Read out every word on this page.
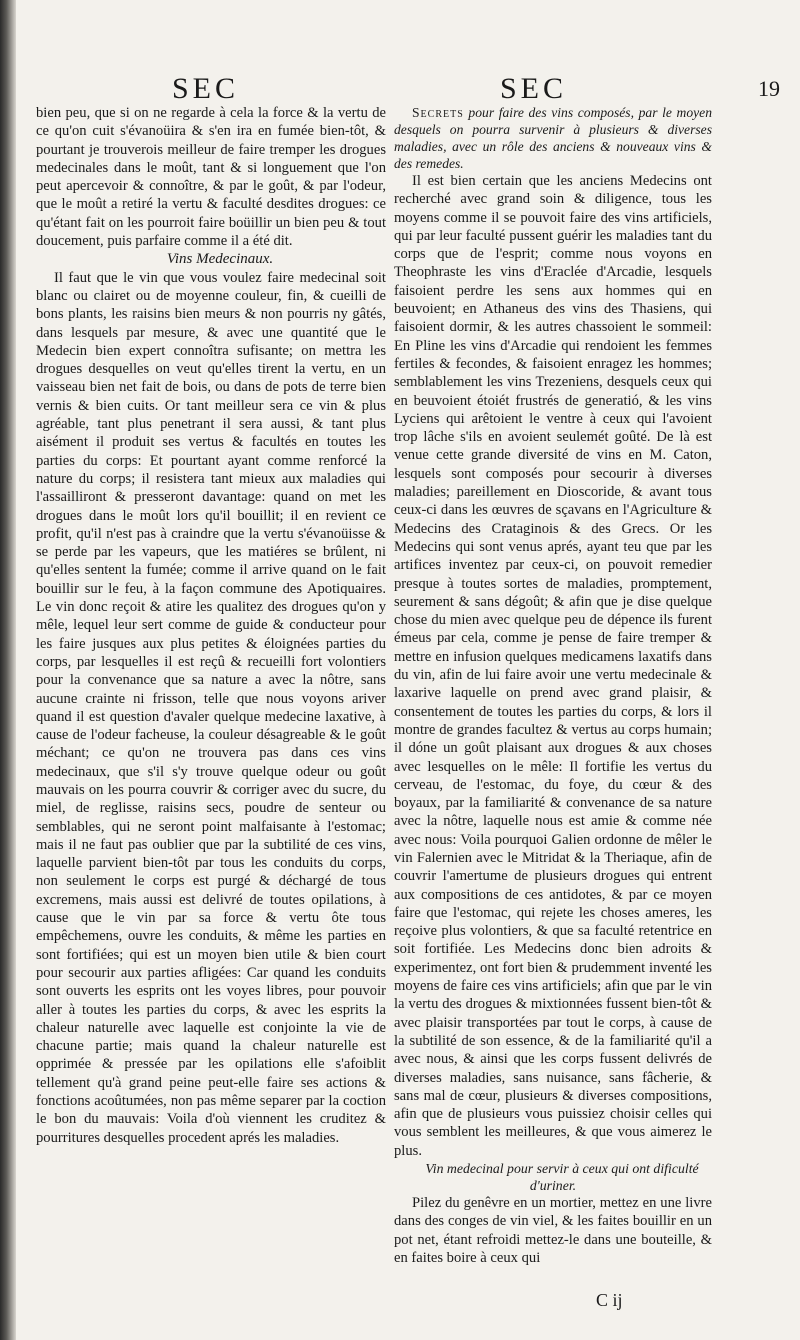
SEC	SEC	19

bien peu, que si on ne regarde à cela la force & la vertu de ce qu'on cuit s'évanoüira & s'en ira en fumée bien-tôt, & pourtant je trouverois meilleur de faire tremper les drogues medecinales dans le moût, tant & si longuement que l'on peut apercevoir & connoître, & par le goût, & par l'odeur, que le moût a retiré la vertu & faculté desdites drogues: ce qu'étant fait on les pourroit faire boüillir un bien peu & tout doucement, puis parfaire comme il a été dit.

Vins Medecinaux.

Il faut que le vin que vous voulez faire medecinal soit blanc ou clairet ou de moyenne couleur, fin, & cueilli de bons plants, les raisins bien meurs & non pourris ny gâtés, dans lesquels par mesure, & avec une quantité que le Medecin bien expert connoîtra sufisante; on mettra les drogues desquelles on veut qu'elles tirent la vertu, en un vaisseau bien net fait de bois, ou dans de pots de terre bien vernis & bien cuits. Or tant meilleur sera ce vin & plus agréable, tant plus penetrant il sera aussi, & tant plus aisément il produit ses vertus & facultés en toutes les parties du corps: Et pourtant ayant comme renforcé la nature du corps; il resistera tant mieux aux maladies qui l'assailliront & presseront davantage: quand on met les drogues dans le moût lors qu'il bouillit; il en revient ce profit, qu'il n'est pas à craindre que la vertu s'évanoüisse & se perde par les vapeurs, que les matiéres se brûlent, ni qu'elles sentent la fumée; comme il arrive quand on le fait bouillir sur le feu, à la façon commune des Apotiquaires. Le vin donc reçoit & atire les qualitez des drogues qu'on y mêle, lequel leur sert comme de guide & conducteur pour les faire jusques aux plus petites & éloignées parties du corps, par lesquelles il est reçû & recueilli fort volontiers pour la convenance que sa nature a avec la nôtre, sans aucune crainte ni frisson, telle que nous voyons ariver quand il est question d'avaler quelque medecine laxative, à cause de l'odeur facheuse, la couleur désagreable & le goût méchant; ce qu'on ne trouvera pas dans ces vins medecinaux, que s'il s'y trouve quelque odeur ou goût mauvais on les pourra couvrir & corriger avec du sucre, du miel, de reglisse, raisins secs, poudre de senteur ou semblables, qui ne seront point malfaisante à l'estomac; mais il ne faut pas oublier que par la subtilité de ces vins, laquelle parvient bien-tôt par tous les conduits du corps, non seulement le corps est purgé & déchargé de tous excremens, mais aussi est delivré de toutes opilations, à cause que le vin par sa force & vertu ôte tous empêchemens, ouvre les conduits, & même les parties en sont fortifiées; qui est un moyen bien utile & bien court pour secourir aux parties afligées: Car quand les conduits sont ouverts les esprits ont les voyes libres, pour pouvoir aller à toutes les parties du corps, & avec les esprits la chaleur naturelle avec laquelle est conjointe la vie de chacune partie; mais quand la chaleur naturelle est opprimée & pressée par les opilations elle s'afoiblit tellement qu'à grand peine peut-elle faire ses actions & fonctions acoûtumées, non pas même separer par la coction le bon du mauvais: Voila d'où viennent les cruditez & pourritures desquelles procedent aprés les maladies.

Secrets pour faire des vins composés, par le moyen desquels on pourra survenir à plusieurs & diverses maladies, avec un rôle des anciens & nouveaux vins & des remedes.

Il est bien certain que les anciens Medecins ont recherché avec grand soin & diligence, tous les moyens comme il se pouvoit faire des vins artificiels, qui par leur faculté pussent guérir les maladies tant du corps que de l'esprit; comme nous voyons en Theophraste les vins d'Eraclée d'Arcadie, lesquels faisoient perdre les sens aux hommes qui en beuvoient; en Athaneus des vins des Thasiens, qui faisoient dormir, & les autres chassoient le sommeil: En Pline les vins d'Arcadie qui rendoient les femmes fertiles & fecondes, & faisoient enragez les hommes; semblablement les vins Trezeniens, desquels ceux qui en beuvoient étoiét frustrés de generatió, & les vins Lyciens qui arêtoient le ventre à ceux qui l'avoient trop lâche s'ils en avoient seulemét goûté. De là est venue cette grande diversité de vins en M. Caton, lesquels sont composés pour secourir à diverses maladies; pareillement en Dioscoride, & avant tous ceux-ci dans les œuvres de sçavans en l'Agriculture & Medecins des Crataginois & des Grecs. Or les Medecins qui sont venus aprés, ayant teu que par les artifices inventez par ceux-ci, on pouvoit remedier presque à toutes sortes de maladies, promptement, seurement & sans dégoût; & afin que je dise quelque chose du mien avec quelque peu de dépence ils furent émeus par cela, comme je pense de faire tremper & mettre en infusion quelques medicamens laxatifs dans du vin, afin de lui faire avoir une vertu medecinale & laxarive laquelle on prend avec grand plaisir, & consentement de toutes les parties du corps, & lors il montre de grandes facultez & vertus au corps humain; il dóne un goût plaisant aux drogues & aux choses avec lesquelles on le mêle: Il fortifie les vertus du cerveau, de l'estomac, du foye, du cœur & des boyaux, par la familiarité & convenance de sa nature avec la nôtre, laquelle nous est amie & comme née avec nous: Voila pourquoi Galien ordonne de mêler le vin Falernien avec le Mitridat & la Theriaque, afin de couvrir l'amertume de plusieurs drogues qui entrent aux compositions de ces antidotes, & par ce moyen faire que l'estomac, qui rejete les choses ameres, les reçoive plus volontiers, & que sa faculté retentrice en soit fortifiée. Les Medecins donc bien adroits & experimentez, ont fort bien & prudemment inventé les moyens de faire ces vins artificiels; afin que par le vin la vertu des drogues & mixtionnées fussent bien-tôt & avec plaisir transportées par tout le corps, à cause de la subtilité de son essence, & de la familiarité qu'il a avec nous, & ainsi que les corps fussent delivrés de diverses maladies, sans nuisance, sans fâcherie, & sans mal de cœur, plusieurs & diverses compositions, afin que de plusieurs vous puissiez choisir celles qui vous semblent les meilleures, & que vous aimerez le plus.

Vin medecinal pour servir à ceux qui ont dificulté d'uriner.

Pilez du genêvre en un mortier, mettez en une livre dans des conges de vin viel, & les faites bouillir en un pot net, étant refroidi mettez-le dans une bouteille, & en faites boire à ceux qui

C ij
